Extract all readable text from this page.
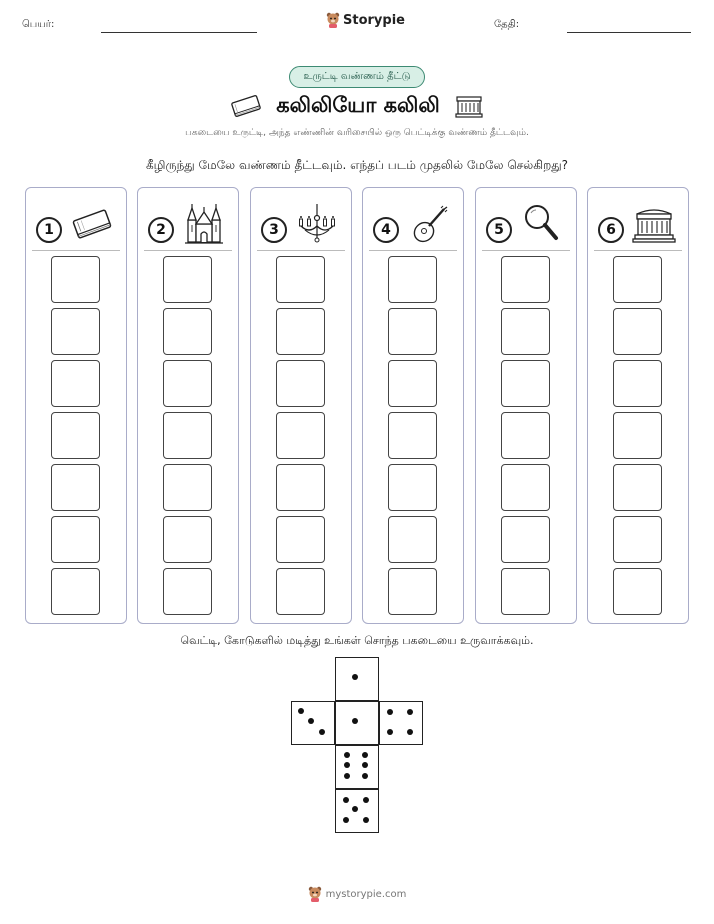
பெயர்:	Storypie	தேதி:
உருட்டி வண்ணம் தீட்டு
கலிலியோ கலிலி
பகடையை உருட்டி, அந்த எண்ணின் வரிசையில் ஒரு பெட்டிக்கு வண்ணம் தீட்டவும்.
கீழிருந்து மேலே வண்ணம் தீட்டவும். எந்தப் படம் முதலில் மேலே செல்கிறது?
1	2	3	4	5	6
வெட்டி, கோடுகளில் மடித்து உங்கள் சொந்த பகடையை உருவாக்கவும்.
mystorypie.com
